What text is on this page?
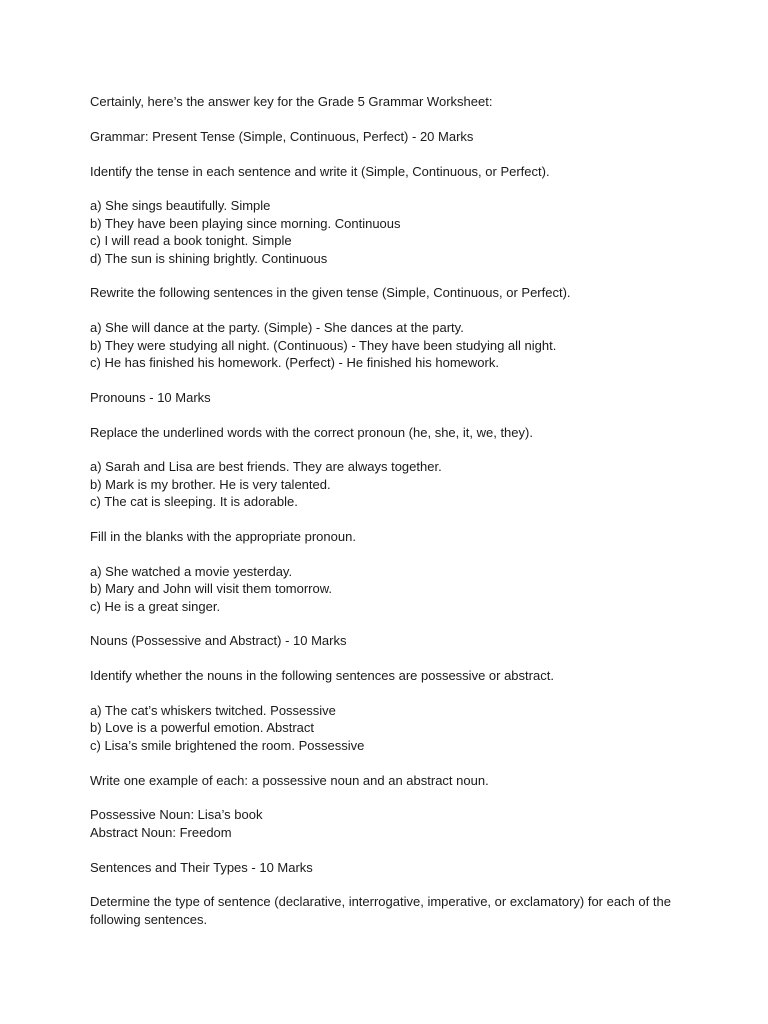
Certainly, here’s the answer key for the Grade 5 Grammar Worksheet:

Grammar: Present Tense (Simple, Continuous, Perfect) - 20 Marks

Identify the tense in each sentence and write it (Simple, Continuous, or Perfect).

a) She sings beautifully. Simple
b) They have been playing since morning. Continuous
c) I will read a book tonight. Simple
d) The sun is shining brightly. Continuous

Rewrite the following sentences in the given tense (Simple, Continuous, or Perfect).

a) She will dance at the party. (Simple) - She dances at the party.
b) They were studying all night. (Continuous) - They have been studying all night.
c) He has finished his homework. (Perfect) - He finished his homework.

Pronouns - 10 Marks

Replace the underlined words with the correct pronoun (he, she, it, we, they).

a) Sarah and Lisa are best friends. They are always together.
b) Mark is my brother. He is very talented.
c) The cat is sleeping. It is adorable.

Fill in the blanks with the appropriate pronoun.

a) She watched a movie yesterday.
b) Mary and John will visit them tomorrow.
c) He is a great singer.

Nouns (Possessive and Abstract) - 10 Marks

Identify whether the nouns in the following sentences are possessive or abstract.

a) The cat’s whiskers twitched. Possessive
b) Love is a powerful emotion. Abstract
c) Lisa’s smile brightened the room. Possessive

Write one example of each: a possessive noun and an abstract noun.

Possessive Noun: Lisa’s book
Abstract Noun: Freedom

Sentences and Their Types - 10 Marks

Determine the type of sentence (declarative, interrogative, imperative, or exclamatory) for each of the following sentences.
